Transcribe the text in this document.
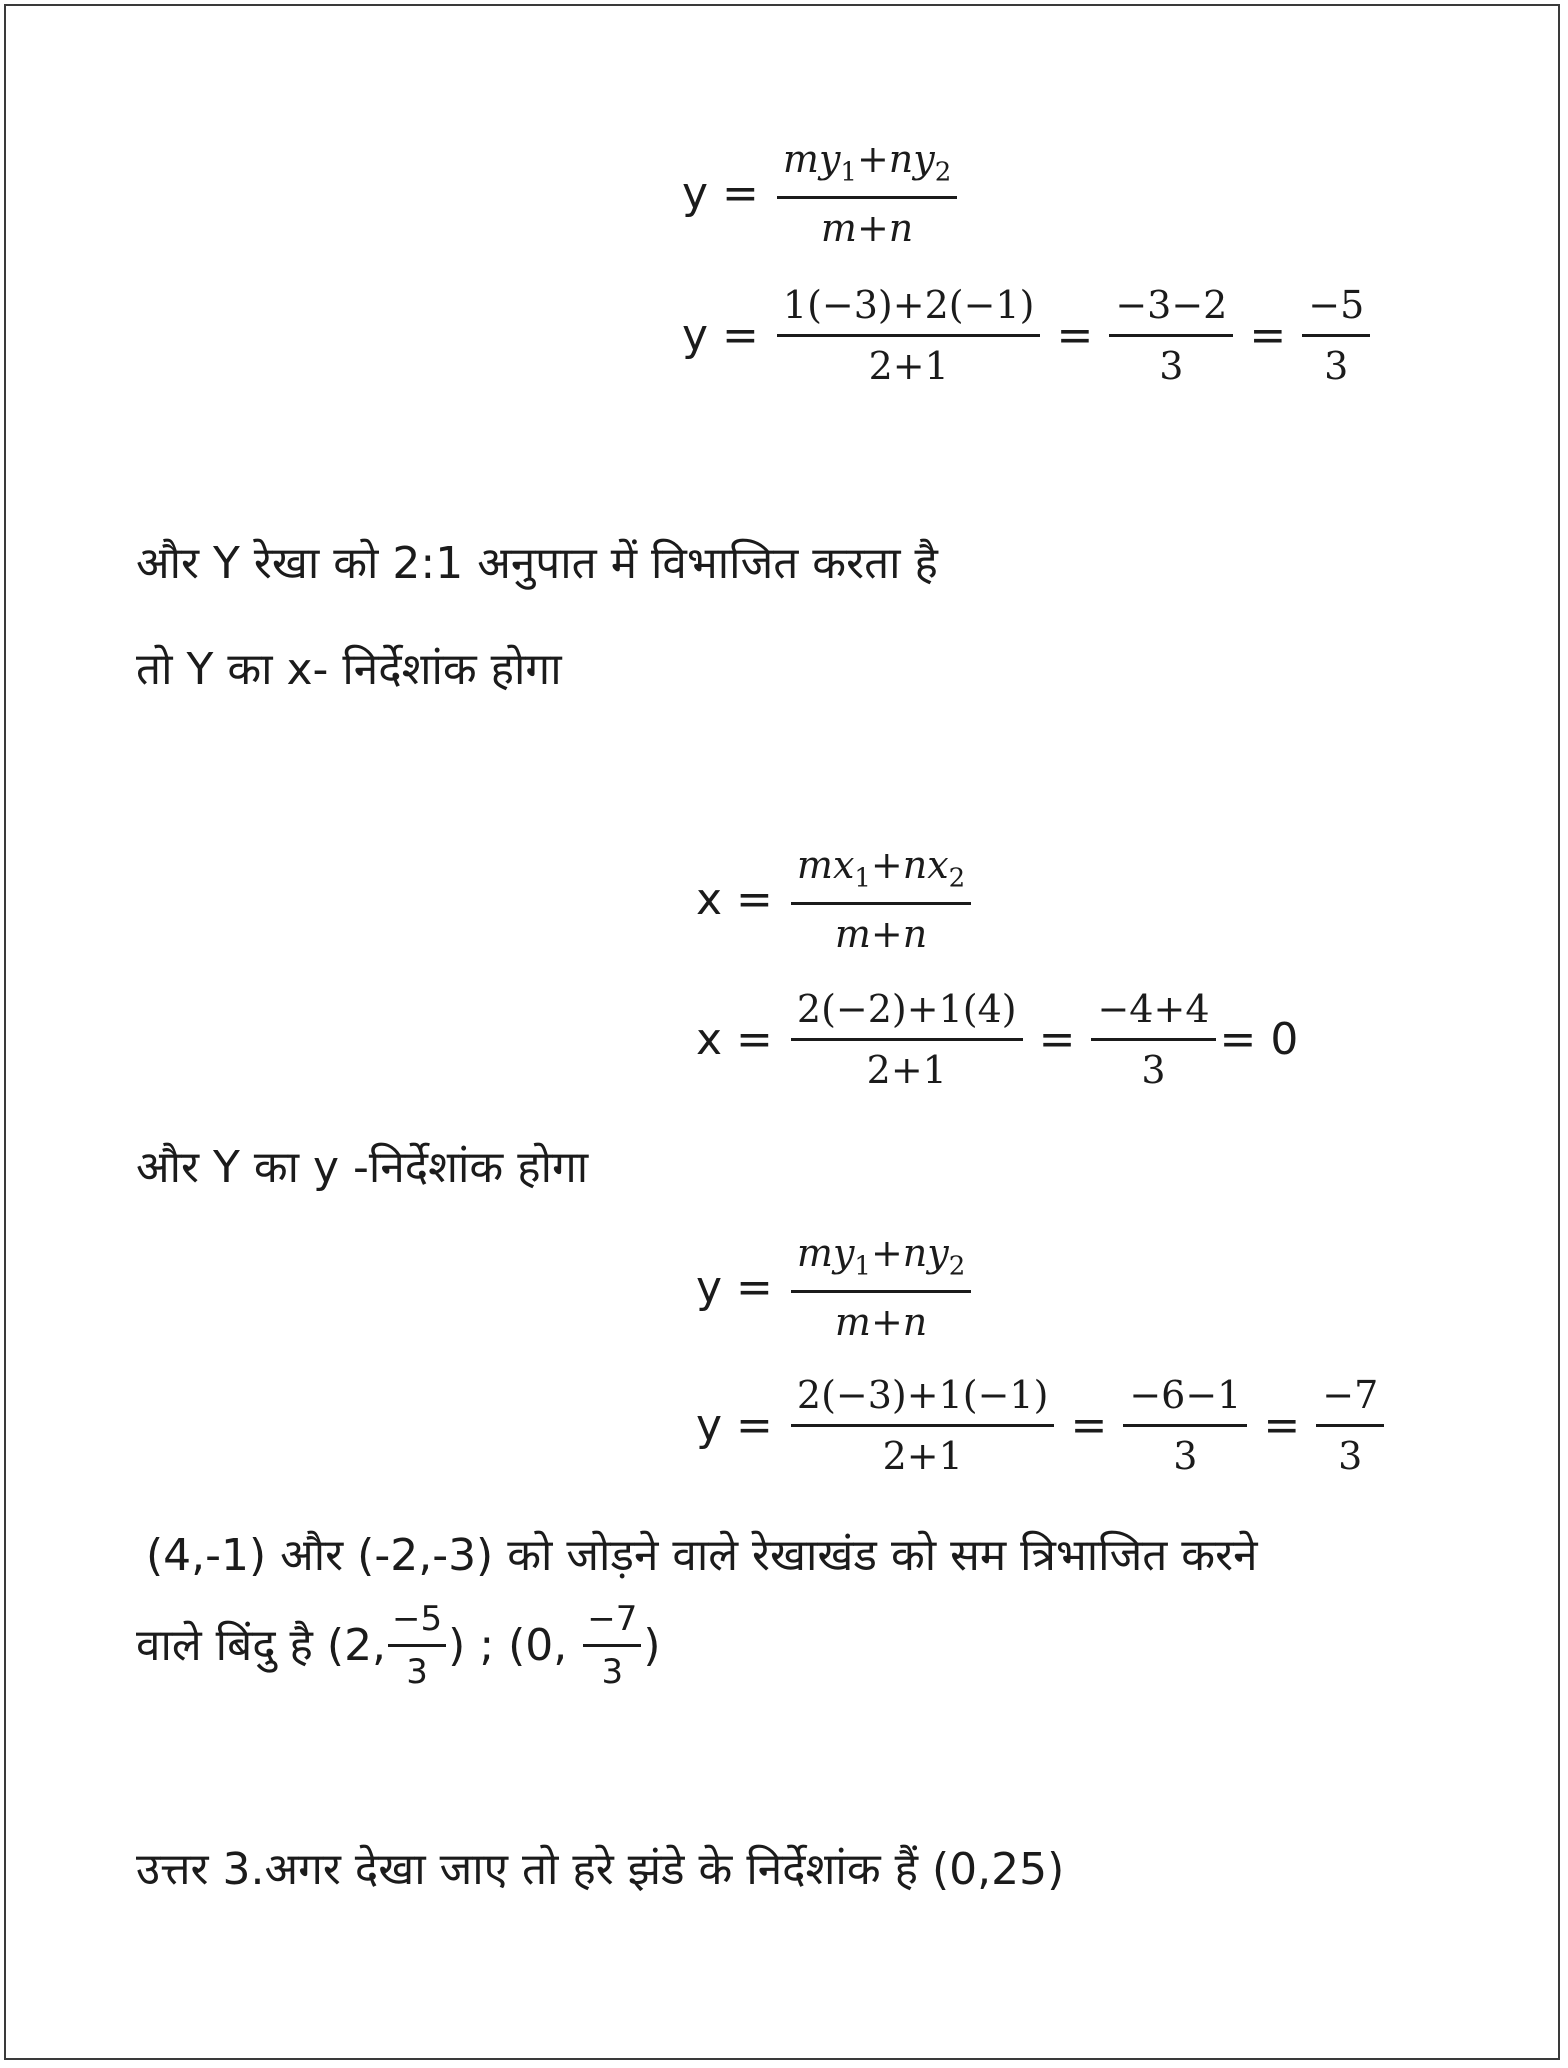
$y = \frac{my_1+ny_2}{m+n}$
$y = \frac{1(-3)+2(-1)}{2+1} = \frac{-3-2}{3} = \frac{-5}{3}$
और Y रेखा को 2:1 अनुपात में विभाजित करता है
तो Y का x- निर्देशांक होगा
$x = \frac{mx_1+nx_2}{m+n}$
$x = \frac{2(-2)+1(4)}{2+1} = \frac{-4+4}{3} = 0$
और Y का y -निर्देशांक होगा
$y = \frac{my_1+ny_2}{m+n}$
$y = \frac{2(-3)+1(-1)}{2+1} = \frac{-6-1}{3} = \frac{-7}{3}$
(4,-1) और (-2,-3) को जोड़ने वाले रेखाखंड को सम त्रिभाजित करने
वाले बिंदु है (2, $\frac{-5}{3}$ ) ; (0, $\frac{-7}{3}$ )
उत्तर 3.अगर देखा जाए तो हरे झंडे के निर्देशांक हैं (0,25)
